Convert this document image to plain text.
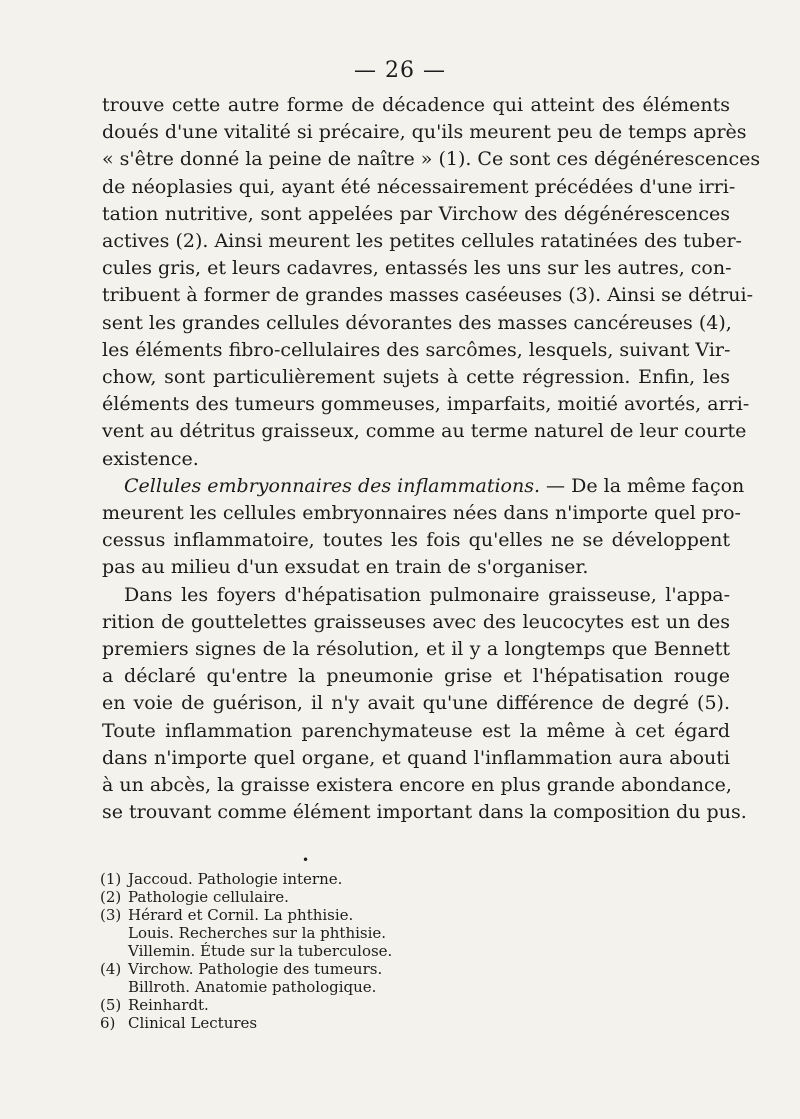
— 26 —
trouve cette autre forme de décadence qui atteint des éléments
doués d'une vitalité si précaire, qu'ils meurent peu de temps après
« s'être donné la peine de naître » (1). Ce sont ces dégénérescences
de néoplasies qui, ayant été nécessairement précédées d'une irri-
tation nutritive, sont appelées par Virchow des dégénérescences
actives (2). Ainsi meurent les petites cellules ratatinées des tuber-
cules gris, et leurs cadavres, entassés les uns sur les autres, con-
tribuent à former de grandes masses caséeuses (3). Ainsi se détrui-
sent les grandes cellules dévorantes des masses cancéreuses (4),
les éléments fibro-cellulaires des sarcômes, lesquels, suivant Vir-
chow, sont particulièrement sujets à cette régression. Enfin, les
éléments des tumeurs gommeuses, imparfaits, moitié avortés, arri-
vent au détritus graisseux, comme au terme naturel de leur courte
existence.
Cellules embryonnaires des inflammations. — De la même façon
meurent les cellules embryonnaires nées dans n'importe quel pro-
cessus inflammatoire, toutes les fois qu'elles ne se développent
pas au milieu d'un exsudat en train de s'organiser.
Dans les foyers d'hépatisation pulmonaire graisseuse, l'appa-
rition de gouttelettes graisseuses avec des leucocytes est un des
premiers signes de la résolution, et il y a longtemps que Bennett
a déclaré qu'entre la pneumonie grise et l'hépatisation rouge
en voie de guérison, il n'y avait qu'une différence de degré (5).
Toute inflammation parenchymateuse est la même à cet égard
dans n'importe quel organe, et quand l'inflammation aura abouti
à un abcès, la graisse existera encore en plus grande abondance,
se trouvant comme élément important dans la composition du pus.
•
(1) Jaccoud. Pathologie interne.
(2) Pathologie cellulaire.
(3) Hérard et Cornil. La phthisie.
Louis. Recherches sur la phthisie.
Villemin. Étude sur la tuberculose.
(4) Virchow. Pathologie des tumeurs.
Billroth. Anatomie pathologique.
(5) Reinhardt.
6) Clinical Lectures
